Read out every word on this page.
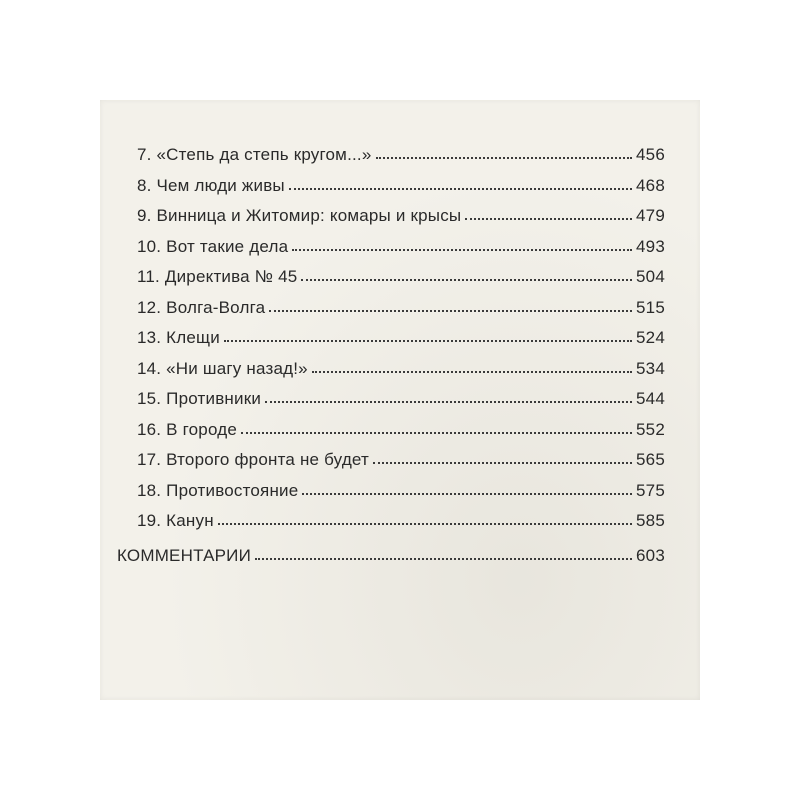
7. «Степь да степь кругом...»	456
8. Чем люди живы	468
9. Винница и Житомир: комары и крысы	479
10. Вот такие дела	493
11. Директива № 45	504
12. Волга-Волга	515
13. Клещи	524
14. «Ни шагу назад!»	534
15. Противники	544
16. В городе	552
17. Второго фронта не будет	565
18. Противостояние	575
19. Канун	585
КОММЕНТАРИИ	603
